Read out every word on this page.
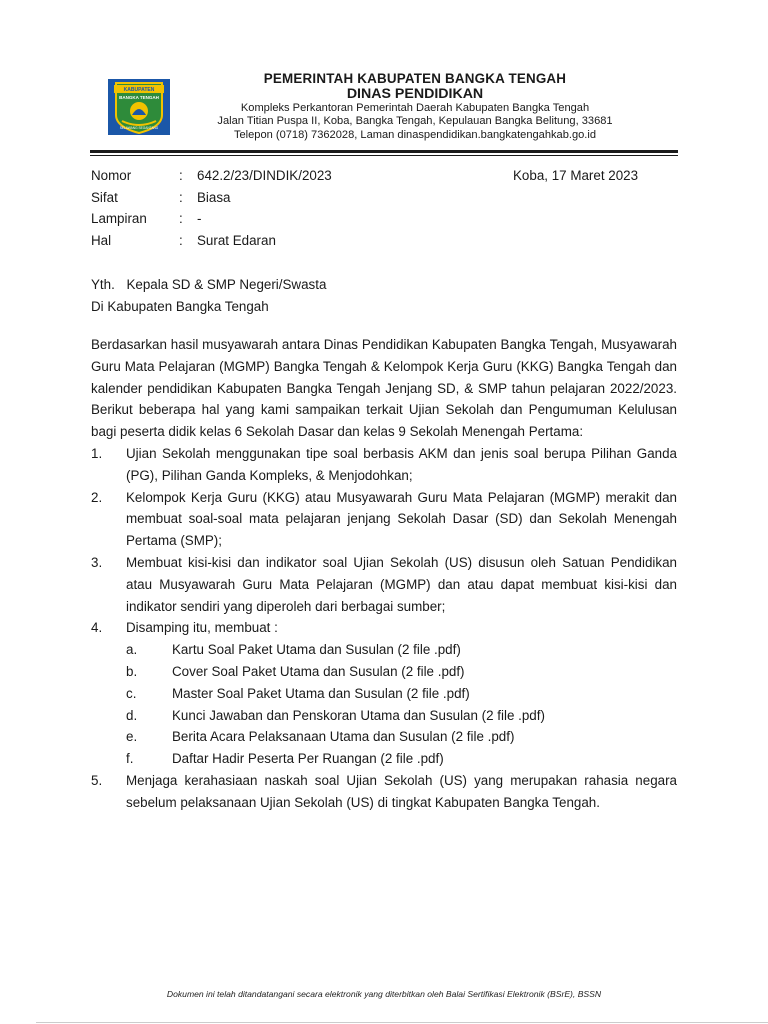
KABUPATEN
BANGKA TENGAH
SELAWANG SEGANTANG
PEMERINTAH KABUPATEN BANGKA TENGAH
DINAS PENDIDIKAN
Kompleks Perkantoran Pemerintah Daerah Kabupaten Bangka Tengah
Jalan Titian Puspa II, Koba, Bangka Tengah, Kepulauan Bangka Belitung, 33681
Telepon (0718) 7362028, Laman dinaspendidikan.bangkatengahkab.go.id
Nomor	: 642.2/23/DINDIK/2023
Sifat	: Biasa
Lampiran : -
Hal	: Surat Edaran
Koba, 17 Maret 2023
Yth. Kepala SD & SMP Negeri/Swasta
Di Kabupaten Bangka Tengah

Berdasarkan hasil musyawarah antara Dinas Pendidikan Kabupaten Bangka Tengah, Musyawarah Guru Mata Pelajaran (MGMP) Bangka Tengah & Kelompok Kerja Guru (KKG) Bangka Tengah dan kalender pendidikan Kabupaten Bangka Tengah Jenjang SD, & SMP tahun pelajaran 2022/2023. Berikut beberapa hal yang kami sampaikan terkait Ujian Sekolah dan Pengumuman Kelulusan bagi peserta didik kelas 6 Sekolah Dasar dan kelas 9 Sekolah Menengah Pertama:

1. Ujian Sekolah menggunakan tipe soal berbasis AKM dan jenis soal berupa Pilihan Ganda (PG), Pilihan Ganda Kompleks, & Menjodohkan;
2. Kelompok Kerja Guru (KKG) atau Musyawarah Guru Mata Pelajaran (MGMP) merakit dan membuat soal-soal mata pelajaran jenjang Sekolah Dasar (SD) dan Sekolah Menengah Pertama (SMP);
3. Membuat kisi-kisi dan indikator soal Ujian Sekolah (US) disusun oleh Satuan Pendidikan atau Musyawarah Guru Mata Pelajaran (MGMP) dan atau dapat membuat kisi-kisi dan indikator sendiri yang diperoleh dari berbagai sumber;
4. Disamping itu, membuat :
a.	Kartu Soal Paket Utama dan Susulan (2 file .pdf)
b.	Cover Soal Paket Utama dan Susulan (2 file .pdf)
c.	Master Soal Paket Utama dan Susulan (2 file .pdf)
d.	Kunci Jawaban dan Penskoran Utama dan Susulan (2 file .pdf)
e.	Berita Acara Pelaksanaan Utama dan Susulan (2 file .pdf)
f.	Daftar Hadir Peserta Per Ruangan (2 file .pdf)
5. Menjaga kerahasiaan naskah soal Ujian Sekolah (US) yang merupakan rahasia negara sebelum pelaksanaan Ujian Sekolah (US) di tingkat Kabupaten Bangka Tengah.
Dokumen ini telah ditandatangani secara elektronik yang diterbitkan oleh Balai Sertifikasi Elektronik (BSrE), BSSN
